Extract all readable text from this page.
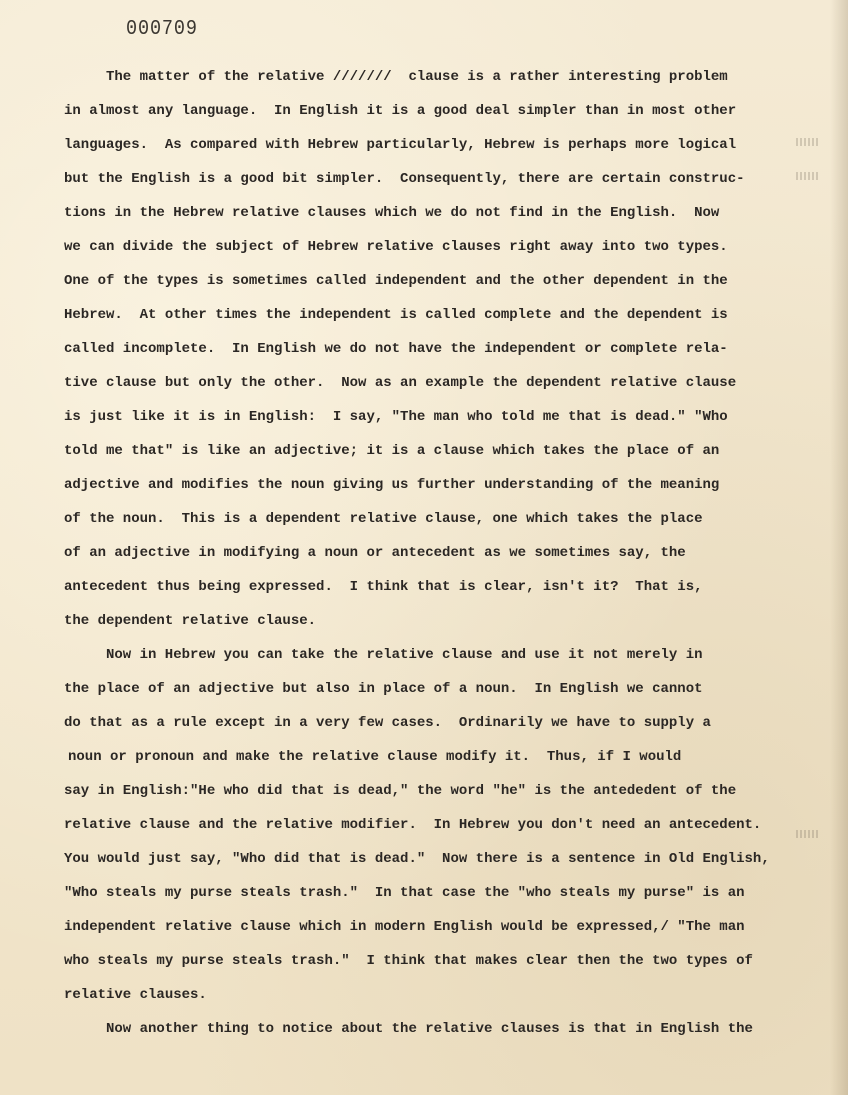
000709
The matter of the relative ///////  clause is a rather interesting problem
in almost any language.  In English it is a good deal simpler than in most other
languages.  As compared with Hebrew particularly, Hebrew is perhaps more logical
but the English is a good bit simpler.  Consequently, there are certain construc-
tions in the Hebrew relative clauses which we do not find in the English.  Now
we can divide the subject of Hebrew relative clauses right away into two types.
One of the types is sometimes called independent and the other dependent in the
Hebrew.  At other times the independent is called complete and the dependent is
called incomplete.  In English we do not have the independent or complete rela-
tive clause but only the other.  Now as an example the dependent relative clause
is just like it is in English:  I say, "The man who told me that is dead." "Who
told me that" is like an adjective; it is a clause which takes the place of an
adjective and modifies the noun giving us further understanding of the meaning
of the noun.  This is a dependent relative clause, one which takes the place
of an adjective in modifying a noun or antecedent as we sometimes say, the
antecedent thus being expressed.  I think that is clear, isn't it?  That is,
the dependent relative clause.
Now in Hebrew you can take the relative clause and use it not merely in
the place of an adjective but also in place of a noun.  In English we cannot
do that as a rule except in a very few cases.  Ordinarily we have to supply a
noun or pronoun and make the relative clause modify it.  Thus, if I would
say in English:"He who did that is dead," the word "he" is the antededent of the
relative clause and the relative modifier.  In Hebrew you don't need an antecedent.
You would just say, "Who did that is dead."  Now there is a sentence in Old English,
"Who steals my purse steals trash."  In that case the "who steals my purse" is an
independent relative clause which in modern English would be expressed,/ "The man
who steals my purse steals trash."  I think that makes clear then the two types of
relative clauses.
Now another thing to notice about the relative clauses is that in English the
